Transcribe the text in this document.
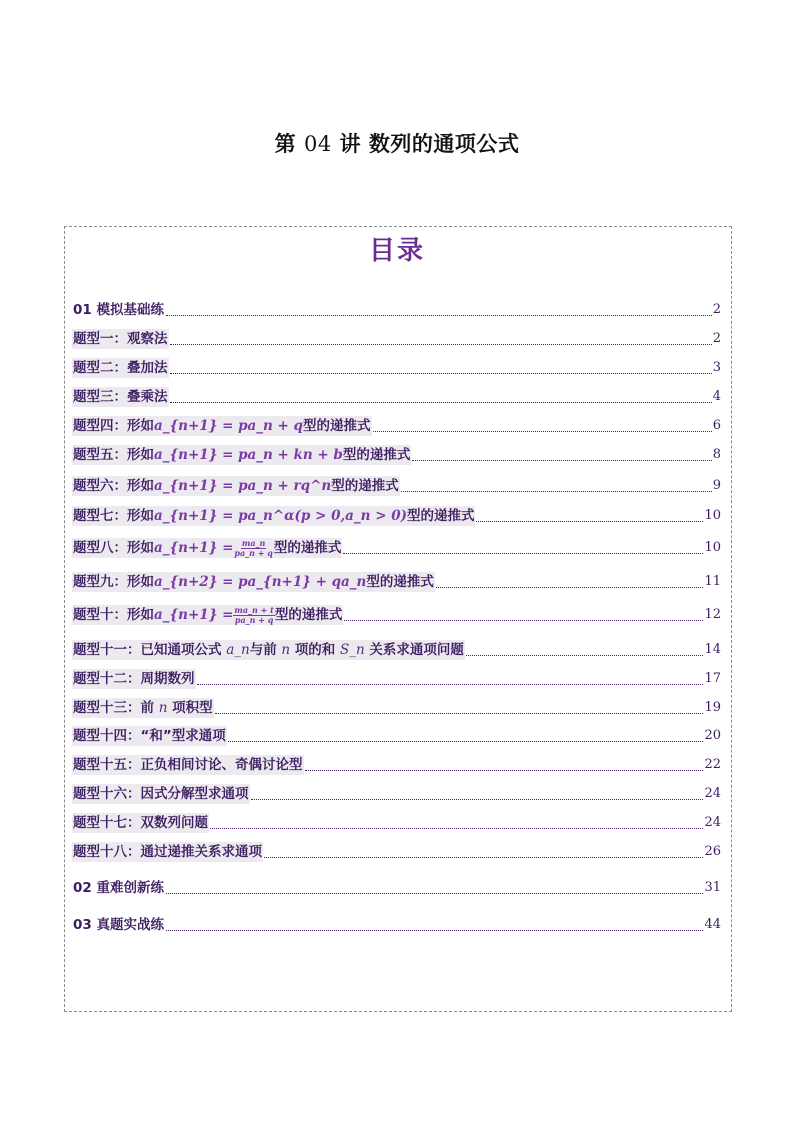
第 04 讲 数列的通项公式
目录
01 模拟基础练	2
题型一：观察法	2
题型二：叠加法	3
题型三：叠乘法	4
题型四：形如a_{n+1} = pa_n + q型的递推式	6
题型五：形如a_{n+1} = pa_n + kn + b型的递推式	8
题型六：形如a_{n+1} = pa_n + rq^n型的递推式	9
题型七：形如a_{n+1} = pa_n^α(p > 0,a_n > 0)型的递推式	10
题型八：形如a_{n+1} = $\frac{ma\_n}{pa\_n + q}$ 型的递推式	10
题型九：形如a_{n+2} = pa_{n+1} + qa_n型的递推式	11
题型十：形如a_{n+1} = $\frac{ma\_n + t}{pa\_n + q}$ 型的递推式	12
题型十一：已知通项公式 a_n与前 n 项的和 S_n 关系求通项问题	14
题型十二：周期数列	17
题型十三：前 n 项积型	19
题型十四：“和”型求通项	20
题型十五：正负相间讨论、奇偶讨论型	22
题型十六：因式分解型求通项	24
题型十七：双数列问题	24
题型十八：通过递推关系求通项	26
02 重难创新练	31
03 真题实战练	44
